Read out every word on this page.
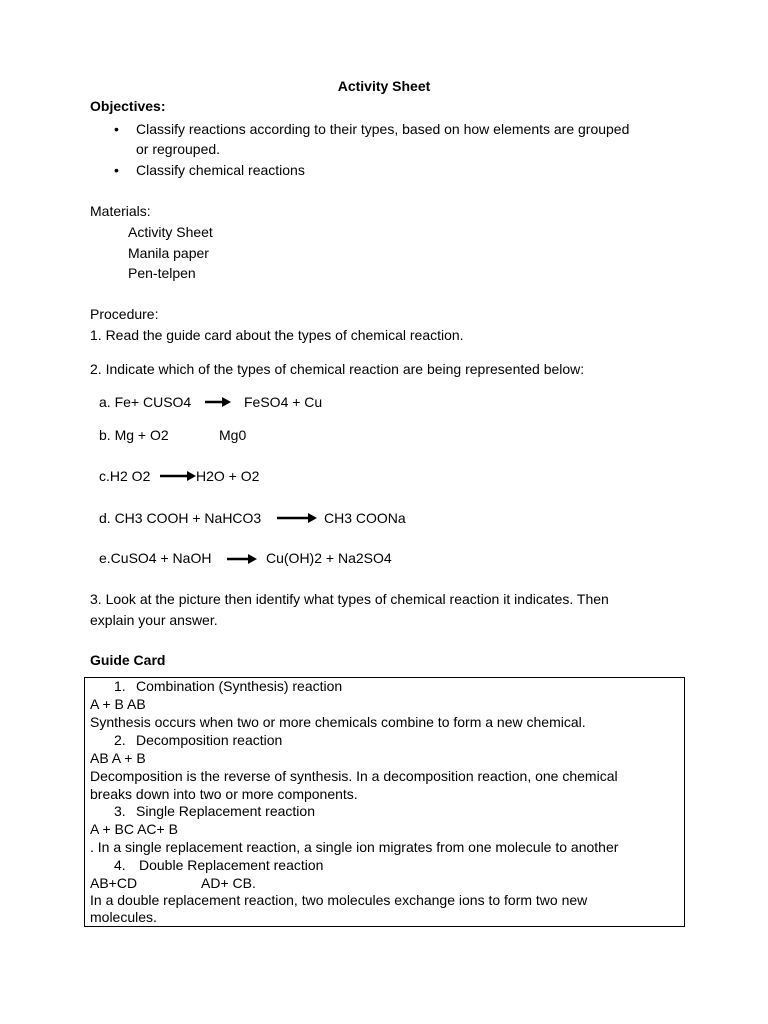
Activity Sheet
Objectives:
• Classify reactions according to their types, based on how elements are grouped
or regrouped.
• Classify chemical reactions
Materials:
Activity Sheet
Manila paper
Pen-telpen
Procedure:
1. Read the guide card about the types of chemical reaction.
2. Indicate which of the types of chemical reaction are being represented below:
a. Fe+ CUSO4	FeSO4 + Cu
b. Mg + O2	Mg0
c.H2 O2	H2O + O2
d. CH3 COOH + NaHCO3	CH3 COONa
e.CuSO4 + NaOH	Cu(OH)2 + Na2SO4
3. Look at the picture then identify what types of chemical reaction it indicates. Then
explain your answer.
Guide Card
1. Combination (Synthesis) reaction
A + B AB
Synthesis occurs when two or more chemicals combine to form a new chemical.
2. Decomposition reaction
AB A + B
Decomposition is the reverse of synthesis. In a decomposition reaction, one chemical
breaks down into two or more components.
3. Single Replacement reaction
A + BC AC+ B
. In a single replacement reaction, a single ion migrates from one molecule to another
4. Double Replacement reaction
AB+CD	AD+ CB.
In a double replacement reaction, two molecules exchange ions to form two new
molecules.
